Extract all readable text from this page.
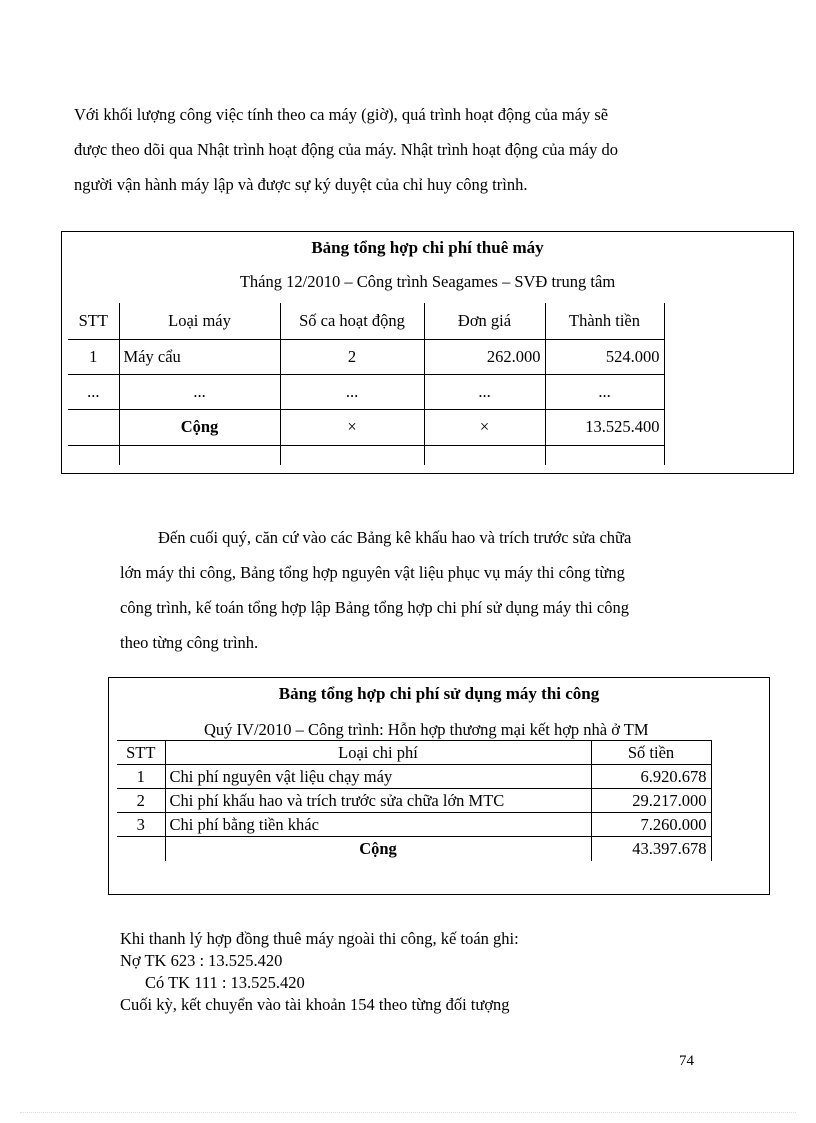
Với khối lượng công việc tính theo ca máy (giờ), quá trình hoạt động của máy sẽ
được theo dõi qua Nhật trình hoạt động của máy. Nhật trình hoạt động của máy do
người vận hành máy lập và được sự ký duyệt của chỉ huy công trình.
Bảng tổng hợp chi phí thuê máy
Tháng 12/2010 – Công trình Seagames – SVĐ trung tâm
STT	Loại máy	Số ca hoạt động	Đơn giá	Thành tiền
1	Máy cẩu	2	262.000	524.000
...	...	...	...	...
	Cộng	×	×	13.525.400

Đến cuối quý, căn cứ vào các Bảng kê khấu hao và trích trước sửa chữa
lớn máy thi công, Bảng tổng hợp nguyên vật liệu phục vụ máy thi công từng
công trình, kế toán tổng hợp lập Bảng tổng hợp chi phí sử dụng máy thi công
theo từng công trình.
Bảng tổng hợp chi phí sử dụng máy thi công
Quý IV/2010 – Công trình: Hỗn hợp thương mại kết hợp nhà ở TM
STT	Loại chi phí	Số tiền
1	Chi phí nguyên vật liệu chạy máy	6.920.678
2	Chi phí khấu hao và trích trước sửa chữa lớn MTC	29.217.000
3	Chi phí bằng tiền khác	7.260.000
	Cộng	43.397.678
Khi thanh lý hợp đồng thuê máy ngoài thi công, kế toán ghi:
Nợ TK 623 : 13.525.420
Có TK 111 : 13.525.420
Cuối kỳ, kết chuyển vào tài khoản 154 theo từng đối tượng
74
